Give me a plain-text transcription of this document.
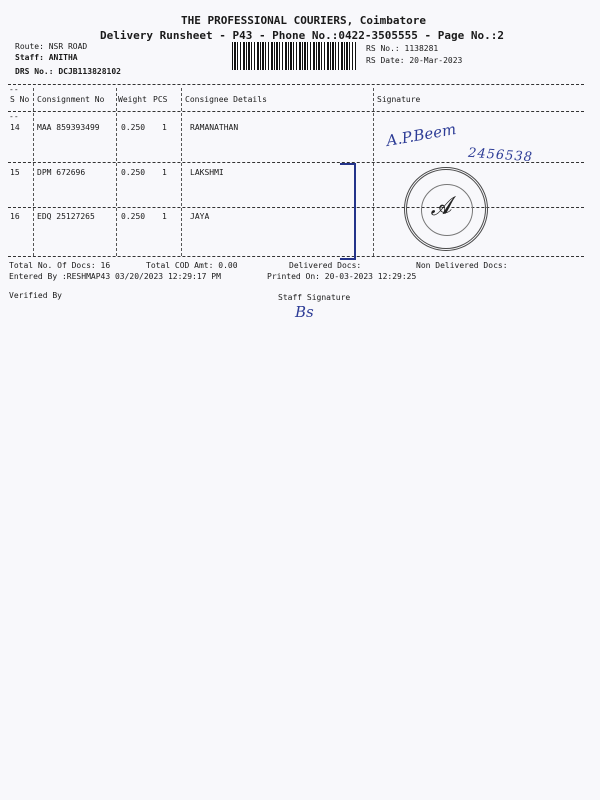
THE PROFESSIONAL COURIERS, Coimbatore
Delivery Runsheet - P43 - Phone No.:0422-3505555 - Page No.:2
Route: NSR ROAD
Staff: ANITHA
DRS No.: DCJB113828102
RS No.: 1138281
RS Date: 20-Mar-2023
--
--
S No Consignment No Weight PCS Consignee Details	Signature
14 MAA 859393499	0.250 1	RAMANATHAN
15 DPM 672696	0.250 1	LAKSHMI
16 EDQ 25127265	0.250 1	JAYA
A.P.Beem
2456538
𝓐
Total No. Of Docs: 16	Total COD Amt: 0.00	Delivered Docs:	Non Delivered Docs:
Entered By :RESHMAP43 03/20/2023 12:29:17 PM	Printed On: 20-03-2023 12:29:25
Verified By	Staff Signature
Bs
